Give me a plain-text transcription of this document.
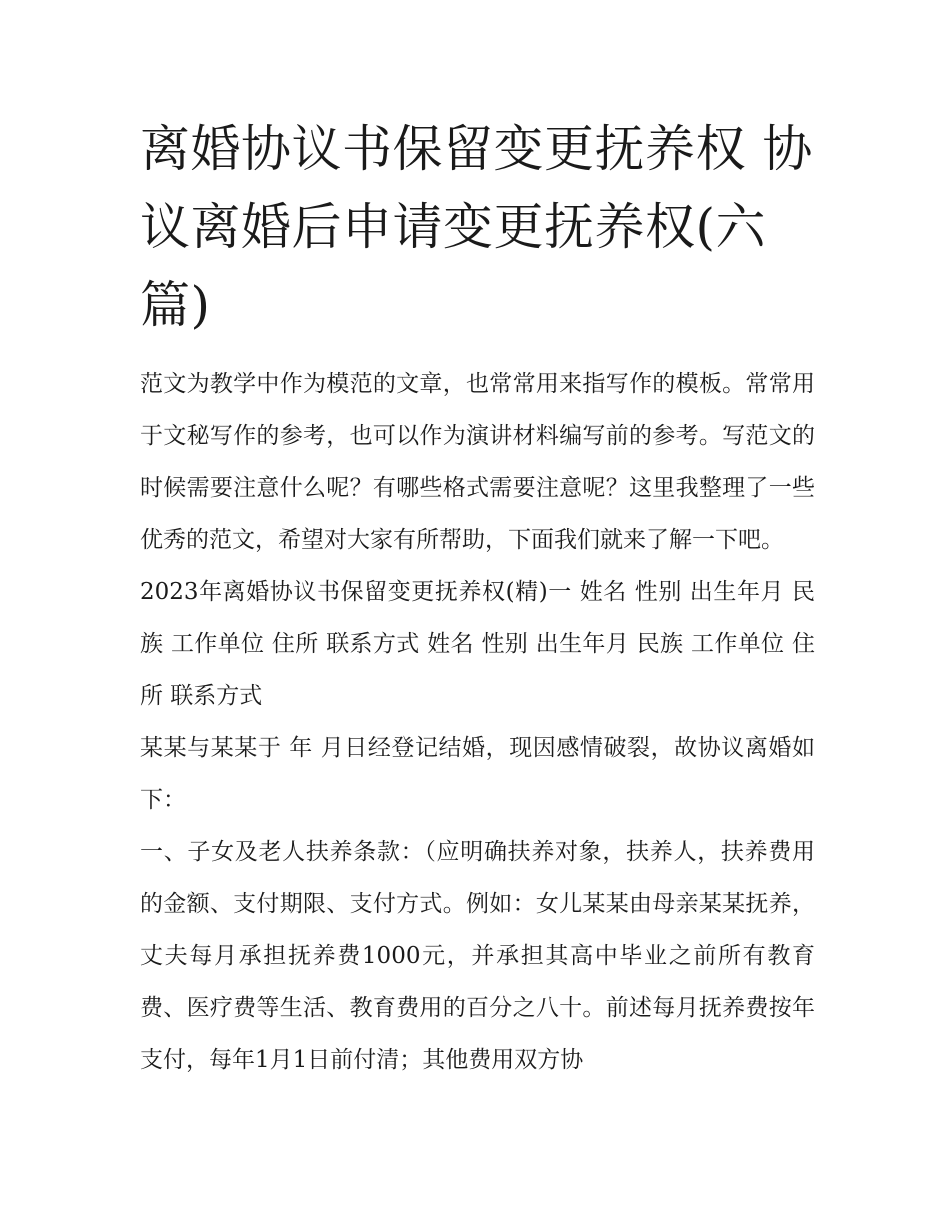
离婚协议书保留变更抚养权 协议离婚后申请变更抚养权(六篇)

范文为教学中作为模范的文章，也常常用来指写作的模板。常常用于文秘写作的参考，也可以作为演讲材料编写前的参考。写范文的时候需要注意什么呢？有哪些格式需要注意呢？这里我整理了一些优秀的范文，希望对大家有所帮助，下面我们就来了解一下吧。

2023年离婚协议书保留变更抚养权(精)一 姓名 性别 出生年月 民族 工作单位 住所 联系方式 姓名 性别 出生年月 民族 工作单位 住所 联系方式

某某与某某于 年 月日经登记结婚，现因感情破裂，故协议离婚如下：

一、子女及老人扶养条款：（应明确扶养对象，扶养人，扶养费用的金额、支付期限、支付方式。例如：女儿某某由母亲某某抚养，丈夫每月承担抚养费1000元，并承担其高中毕业之前所有教育费、医疗费等生活、教育费用的百分之八十。前述每月抚养费按年支付，每年1月1日前付清；其他费用双方协
